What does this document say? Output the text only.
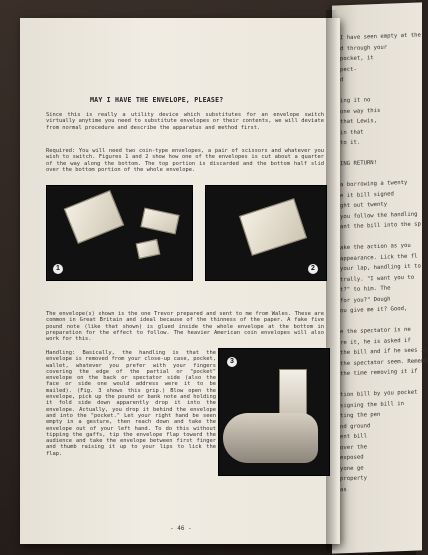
I have seen empty at the
d through your
pocket, it
pect-
d
ing it no
one way this
that Lewis,
in that
to it.
ING RETURN!
a borrowing a twenty
e it bill signed
ght out twenty
you follow the handling
ant the bill into the sp
ake the action as you
appearance. Lick the fl
your lap, handling it to
trally. "I want you to
t?" to him. The
for you?" Dough
ou give me it? Good,
e the spectator is ne
re it, he is asked if
the bill and if he sees it
the spectator seem. Rememb
the time removing it if
tion bill by you pocket
signing the bill in
ting the pen
nd ground
ent bill
over the
exposed
yone ge
property
as
MAY I HAVE THE ENVELOPE, PLEASE?
Since this is really a utility device which substitutes for an envelope switch virtually anytime you need to substitute envelopes or their contents, we will deviate from normal procedure and describe the apparatus and method first.
Required: You will need two coin-type envelopes, a pair of scissors and whatever you wish to switch. Figures 1 and 2 show how one of the envelopes is cut about a quarter of the way along the bottom. The top portion is discarded and the bottom half slid over the bottom portion of the whole envelope.
1	2
The envelope(s) shown is the one Trevor prepared and sent to me from Wales. These are common in Great Britain and ideal because of the thinness of the paper. A fake five pound note (like that shown) is glued inside the whole envelope at the bottom in preparation for the effect to follow. The heavier American coin envelopes will also work for this.
Handling: Basically, the handling is that the envelope is removed from your close-up case, pocket, wallet, whatever you prefer with your fingers covering the edge of the partial or "pocket" envelope on the back or spectator side (also the face or side one would address were it to be mailed). (Fig. 3 shows this grip.) Blow open the envelope, pick up the pound or bank note and holding it fold side down apparently drop it into the envelope. Actually, you drop it behind the envelope and into the "pocket." Let your right hand be seen empty in a gesture, then reach down and take the envelope out of your left hand. To do this without tipping the gaffs, tip the envelope flap toward the audience and take the envelope between first finger and thumb raising it up to your lips to lick the flap.
3
- 46 -
